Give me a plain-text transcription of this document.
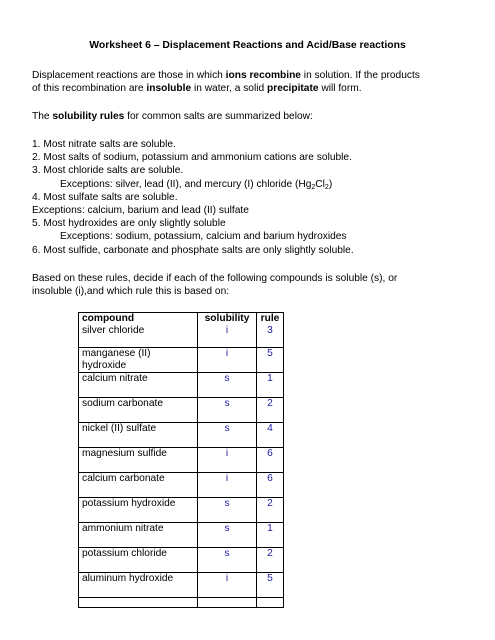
Worksheet 6 – Displacement Reactions and Acid/Base reactions
Displacement reactions are those in which ions recombine in solution. If the products
of this recombination are insoluble in water, a solid precipitate will form.
The solubility rules for common salts are summarized below:
1. Most nitrate salts are soluble.
2. Most salts of sodium, potassium and ammonium cations are soluble.
3. Most chloride salts are soluble.
Exceptions: silver, lead (II), and mercury (I) chloride $(Hg_2Cl_2)$
4. Most sulfate salts are soluble.
Exceptions: calcium, barium and lead (II) sulfate
5. Most hydroxides are only slightly soluble
Exceptions: sodium, potassium, calcium and barium hydroxides
6. Most sulfide, carbonate and phosphate salts are only slightly soluble.
Based on these rules, decide if each of the following compounds is soluble (s), or
insoluble (i),and which rule this is based on:
compound	solubility	rule
silver chloride	i	3
manganese (II) hydroxide	i	5
calcium nitrate	s	1
sodium carbonate	s	2
nickel (II) sulfate	s	4
magnesium sulfide	i	6
calcium carbonate	i	6
potassium hydroxide	s	2
ammonium nitrate	s	1
potassium chloride	s	2
aluminum hydroxide	i	5
